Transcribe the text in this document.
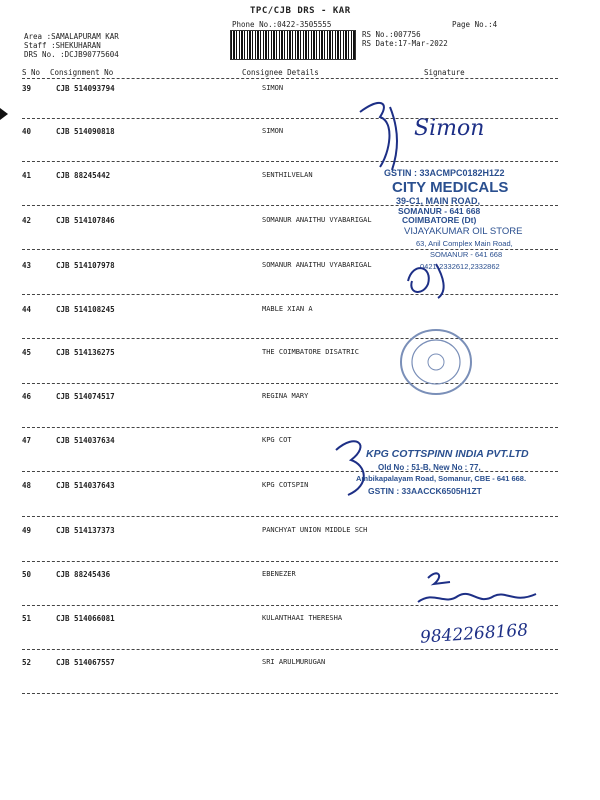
TPC/CJB DRS - KAR
Phone No.:0422-3505555	Page No.:4
Area :SAMALAPURAM KAR
Staff :SHEKUHARAN
DRS No. :DCJB90775604
RS No.:007756
RS Date:17-Mar-2022
S No Consignment No	Consignee Details	Signature
39	CJB 514093794	SIMON
40	CJB 514090818	SIMON
41	CJB 88245442	SENTHILVELAN
42	CJB 514107846	SOMANUR ANAITHU VYABARIGAL
43	CJB 514107978	SOMANUR ANAITHU VYABARIGAL
44	CJB 514108245	MABLE XIAN A
45	CJB 514136275	THE COIMBATORE DISATRIC
46	CJB 514074517	REGINA MARY
47	CJB 514037634	KPG COT
48	CJB 514037643	KPG COTSPIN
49	CJB 514137373	PANCHYAT UNION MIDDLE SCH
50	CJB 88245436	EBENEZER
51	CJB 514066081	KULANTHAAI THERESHA
52	CJB 514067557	SRI ARULMURUGAN
Simon
GSTIN : 33ACMPC0182H1Z2
CITY MEDICALS
39-C1, MAIN ROAD,
SOMANUR - 641 668
COIMBATORE (Dt)
VIJAYAKUMAR OIL STORE
63, Anil Complex Main Road,
SOMANUR - 641 668
0421-2332612,2332862
KPG COTTSPINN INDIA PVT.LTD
Old No : 51-B, New No : 77,
Ambikapalayam Road, Somanur, CBE - 641 668.
GSTIN : 33AACCK6505H1ZT
9842268168
